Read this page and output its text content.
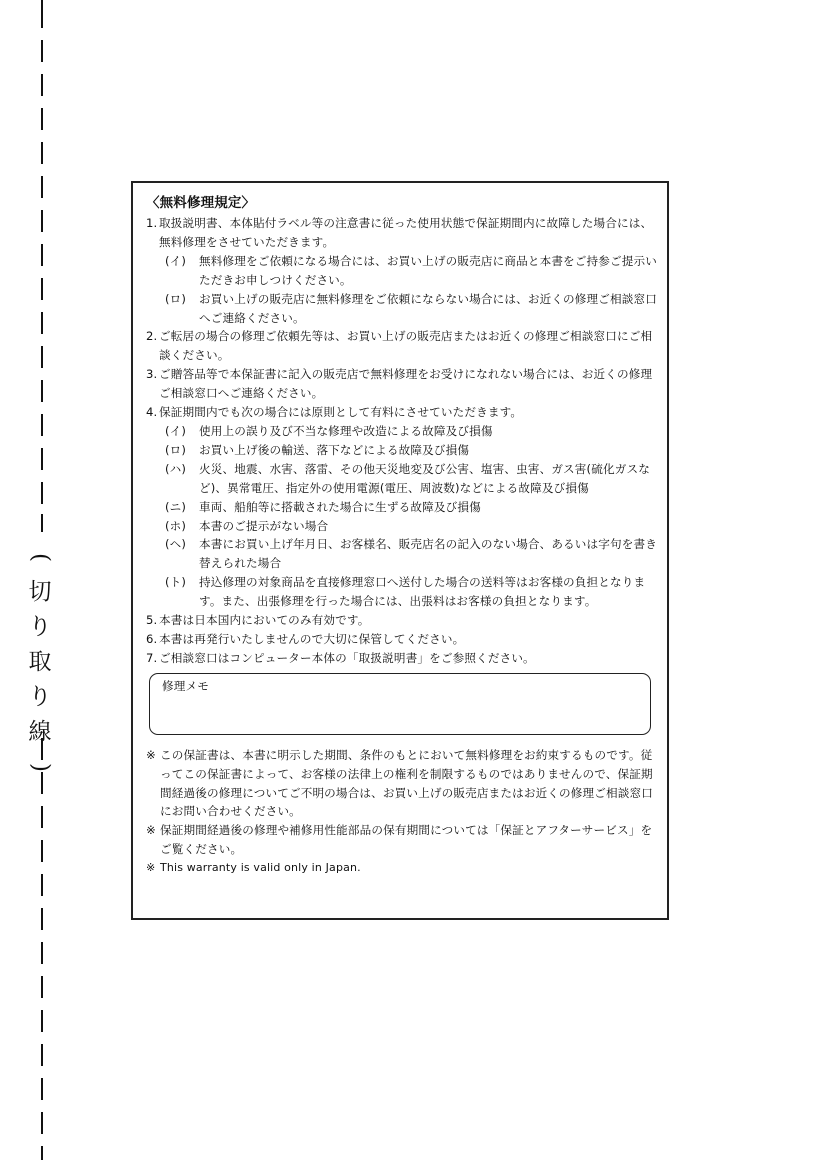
(
切
り
取
り
線
)
〈無料修理規定〉
1. 取扱説明書、本体貼付ラベル等の注意書に従った使用状態で保証期間内に故障した場合には、無料修理をさせていただきます。
(イ)	無料修理をご依頼になる場合には、お買い上げの販売店に商品と本書をご持参ご提示いただきお申しつけください。
(ロ)	お買い上げの販売店に無料修理をご依頼にならない場合には、お近くの修理ご相談窓口へご連絡ください。
2. ご転居の場合の修理ご依頼先等は、お買い上げの販売店またはお近くの修理ご相談窓口にご相談ください。
3. ご贈答品等で本保証書に記入の販売店で無料修理をお受けになれない場合には、お近くの修理ご相談窓口へご連絡ください。
4. 保証期間内でも次の場合には原則として有料にさせていただきます。
(イ)	使用上の誤り及び不当な修理や改造による故障及び損傷
(ロ)	お買い上げ後の輸送、落下などによる故障及び損傷
(ハ)	火災、地震、水害、落雷、その他天災地変及び公害、塩害、虫害、ガス害(硫化ガスなど)、異常電圧、指定外の使用電源(電圧、周波数)などによる故障及び損傷
(ニ)	車両、船舶等に搭載された場合に生ずる故障及び損傷
(ホ)	本書のご提示がない場合
(ヘ)	本書にお買い上げ年月日、お客様名、販売店名の記入のない場合、あるいは字句を書き替えられた場合
(ト)	持込修理の対象商品を直接修理窓口へ送付した場合の送料等はお客様の負担となります。また、出張修理を行った場合には、出張料はお客様の負担となります。
5. 本書は日本国内においてのみ有効です。
6. 本書は再発行いたしませんので大切に保管してください。
7. ご相談窓口はコンピューター本体の「取扱説明書」をご参照ください。
修理メモ
※ この保証書は、本書に明示した期間、条件のもとにおいて無料修理をお約束するものです。従ってこの保証書によって、お客様の法律上の権利を制限するものではありませんので、保証期間経過後の修理についてご不明の場合は、お買い上げの販売店またはお近くの修理ご相談窓口にお問い合わせください。
※ 保証期間経過後の修理や補修用性能部品の保有期間については「保証とアフターサービス」をご覧ください。
※ This warranty is valid only in Japan.
